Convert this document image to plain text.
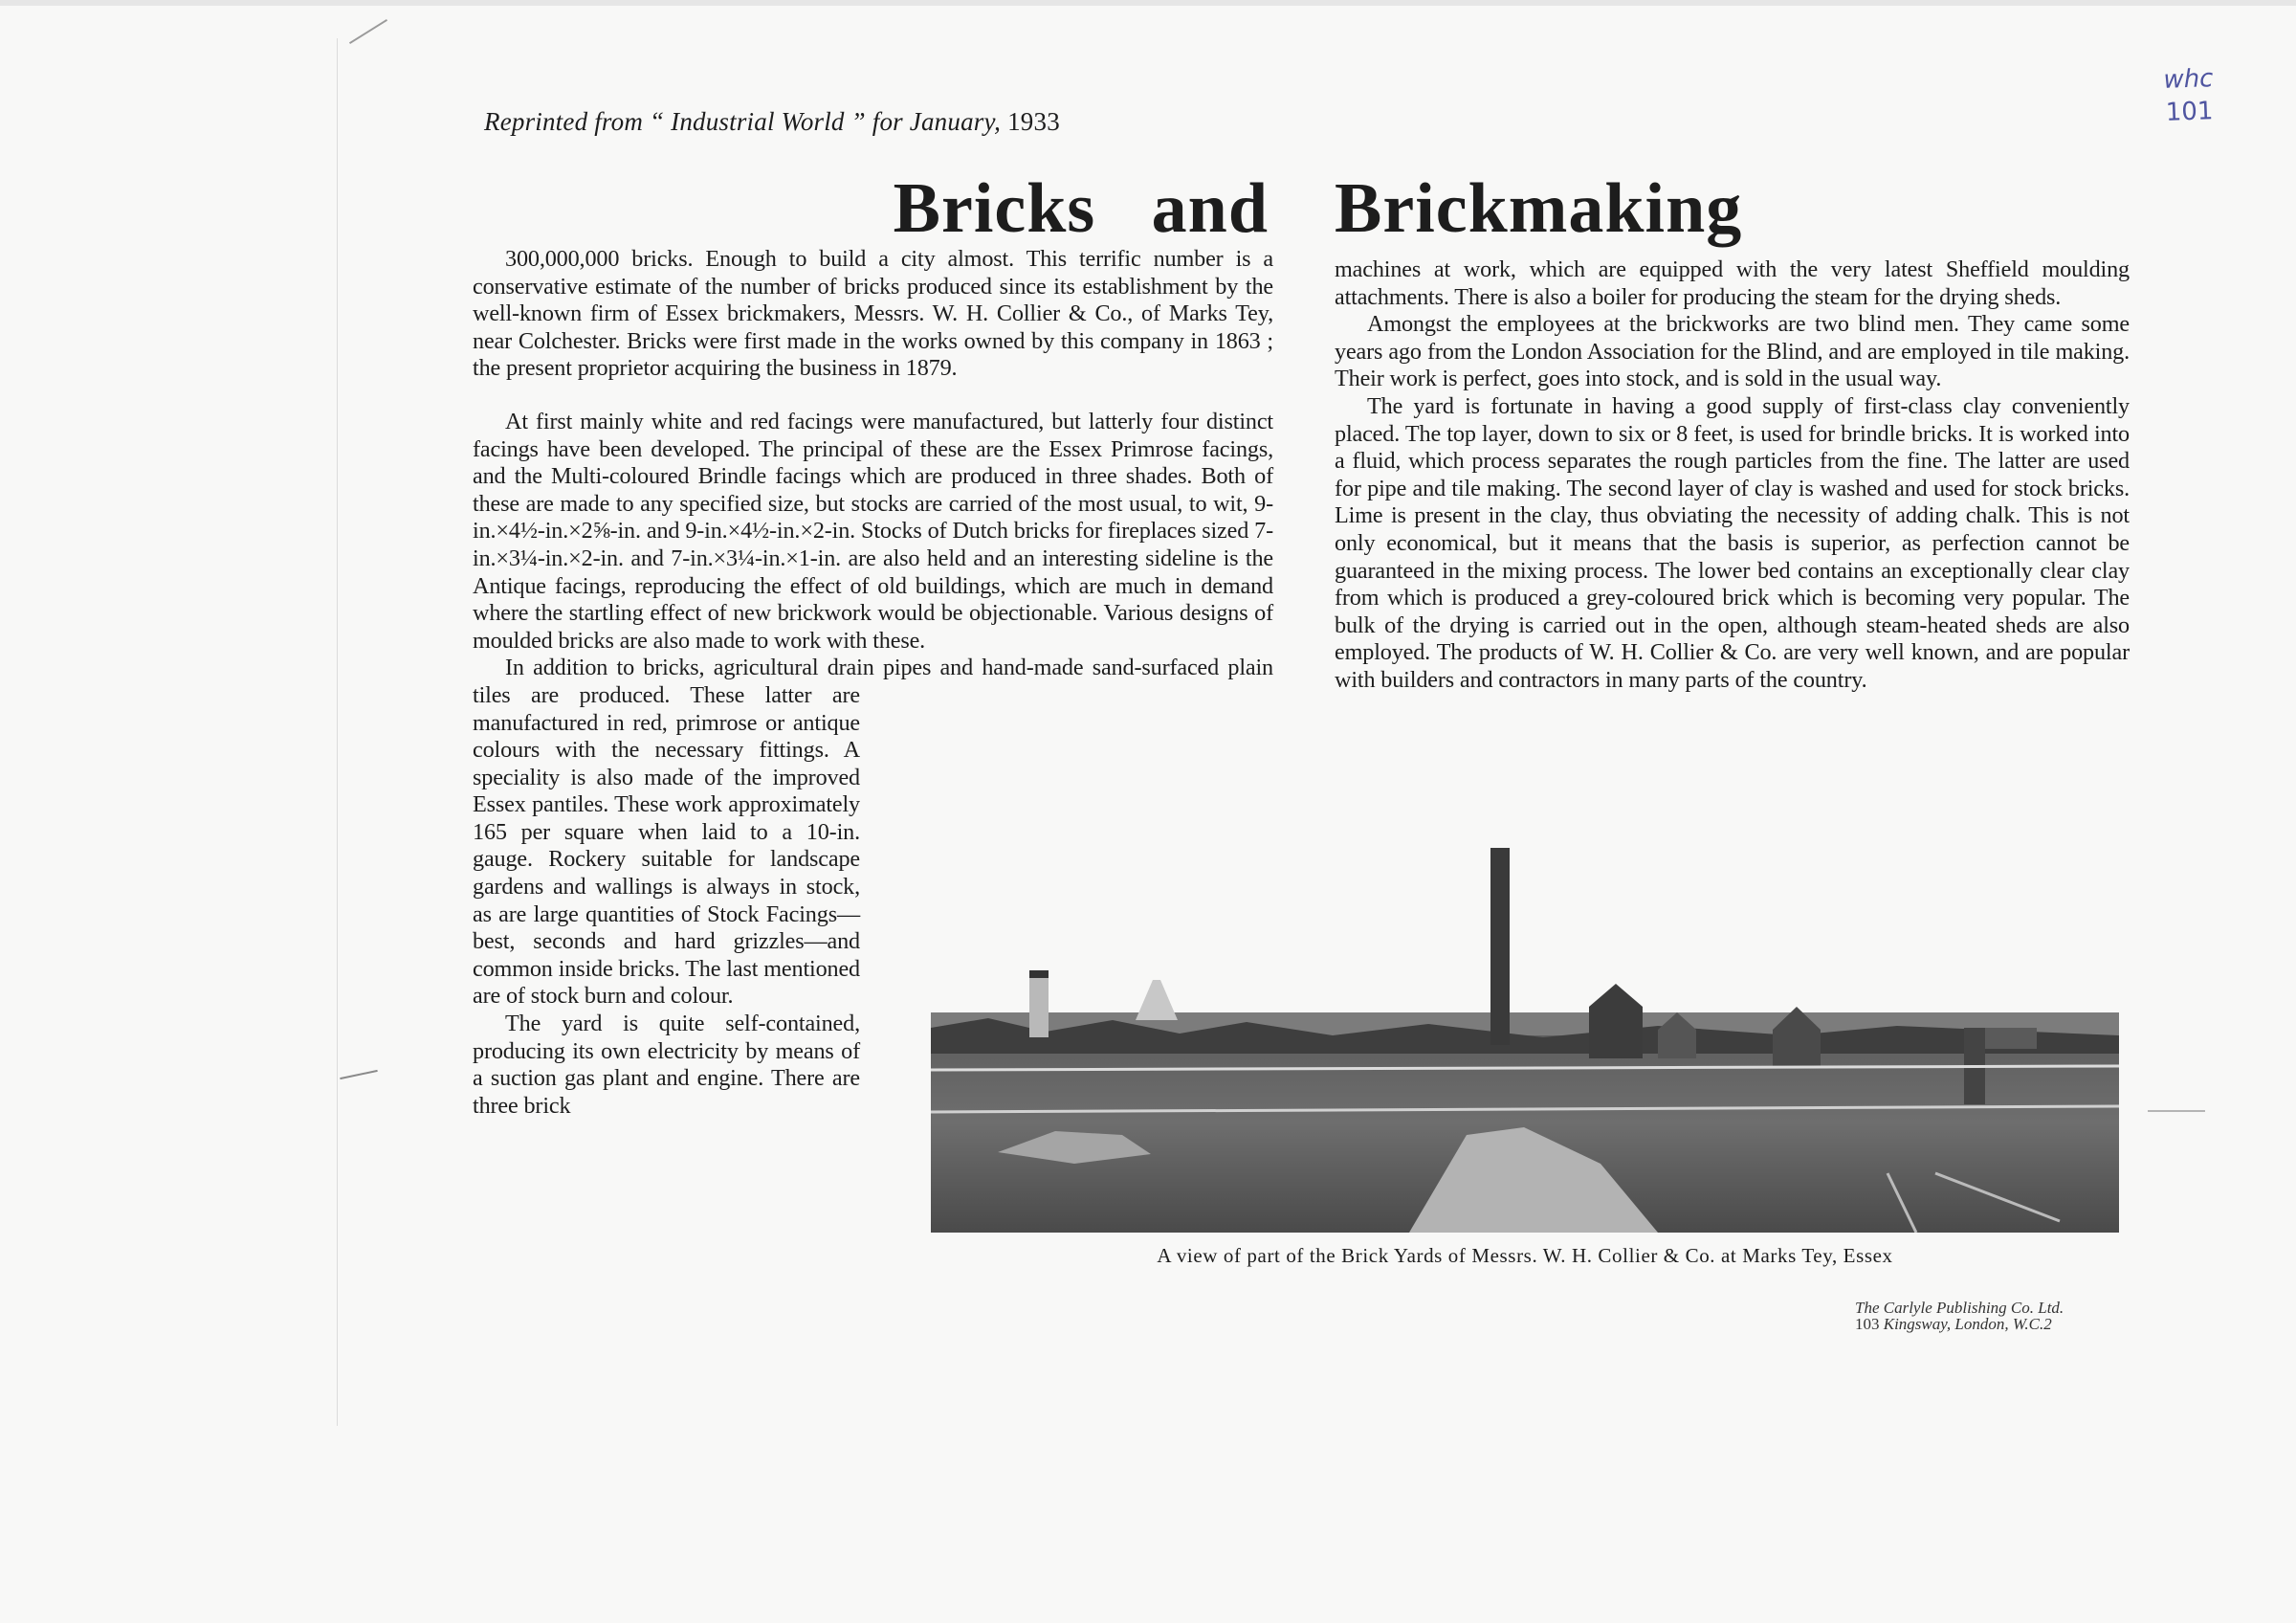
Reprinted from “ Industrial World ” for January, 1933
Bricks   and Brickmaking
whc
101

300,000,000 bricks. Enough to build a city almost. This terrific number is a conservative estimate of the number of bricks produced since its establishment by the well-known firm of Essex brickmakers, Messrs. W. H. Collier & Co., of Marks Tey, near Colchester. Bricks were first made in the works owned by this company in 1863 ; the present proprietor acquiring the business in 1879.

At first mainly white and red facings were manufactured, but latterly four distinct facings have been developed. The principal of these are the Essex Primrose facings, and the Multi-coloured Brindle facings which are produced in three shades. Both of these are made to any specified size, but stocks are carried of the most usual, to wit, 9-in.×4½-in.×2⅝-in. and 9-in.×4½-in.×2-in. Stocks of Dutch bricks for fireplaces sized 7-in.×3¼-in.×2-in. and 7-in.×3¼-in.×1-in. are also held and an interesting sideline is the Antique facings, reproducing the effect of old buildings, which are much in demand where the startling effect of new brickwork would be objectionable. Various designs of moulded bricks are also made to work with these.

In addition to bricks, agricultural drain pipes and hand-made sand-surfaced plain tiles are produced. These latter are manufactured in red, primrose or antique colours with the necessary fittings. A speciality is also made of the improved Essex pantiles. These work approximately 165 per square when laid to a 10-in. gauge. Rockery suitable for landscape gardens and wallings is always in stock, as are large quantities of Stock Facings—best, seconds and hard grizzles—and common inside bricks. The last mentioned are of stock burn and colour.

The yard is quite self-contained, producing its own electricity by means of a suction gas plant and engine. There are three brick

machines at work, which are equipped with the very latest Sheffield moulding attachments. There is also a boiler for producing the steam for the drying sheds.

Amongst the employees at the brickworks are two blind men. They came some years ago from the London Association for the Blind, and are employed in tile making. Their work is perfect, goes into stock, and is sold in the usual way.

The yard is fortunate in having a good supply of first-class clay conveniently placed. The top layer, down to six or 8 feet, is used for brindle bricks. It is worked into a fluid, which process separates the rough particles from the fine. The latter are used for pipe and tile making. The second layer of clay is washed and used for stock bricks. Lime is present in the clay, thus obviating the necessity of adding chalk. This is not only economical, but it means that the basis is superior, as perfection cannot be guaranteed in the mixing process. The lower bed contains an exceptionally clear clay from which is produced a grey-coloured brick which is becoming very popular. The bulk of the drying is carried out in the open, although steam-heated sheds are also employed. The products of W. H. Collier & Co. are very well known, and are popular with builders and contractors in many parts of the country.

A view of part of the Brick Yards of Messrs. W. H. Collier & Co. at Marks Tey, Essex
The Carlyle Publishing Co. Ltd.
103 Kingsway, London, W.C.2
